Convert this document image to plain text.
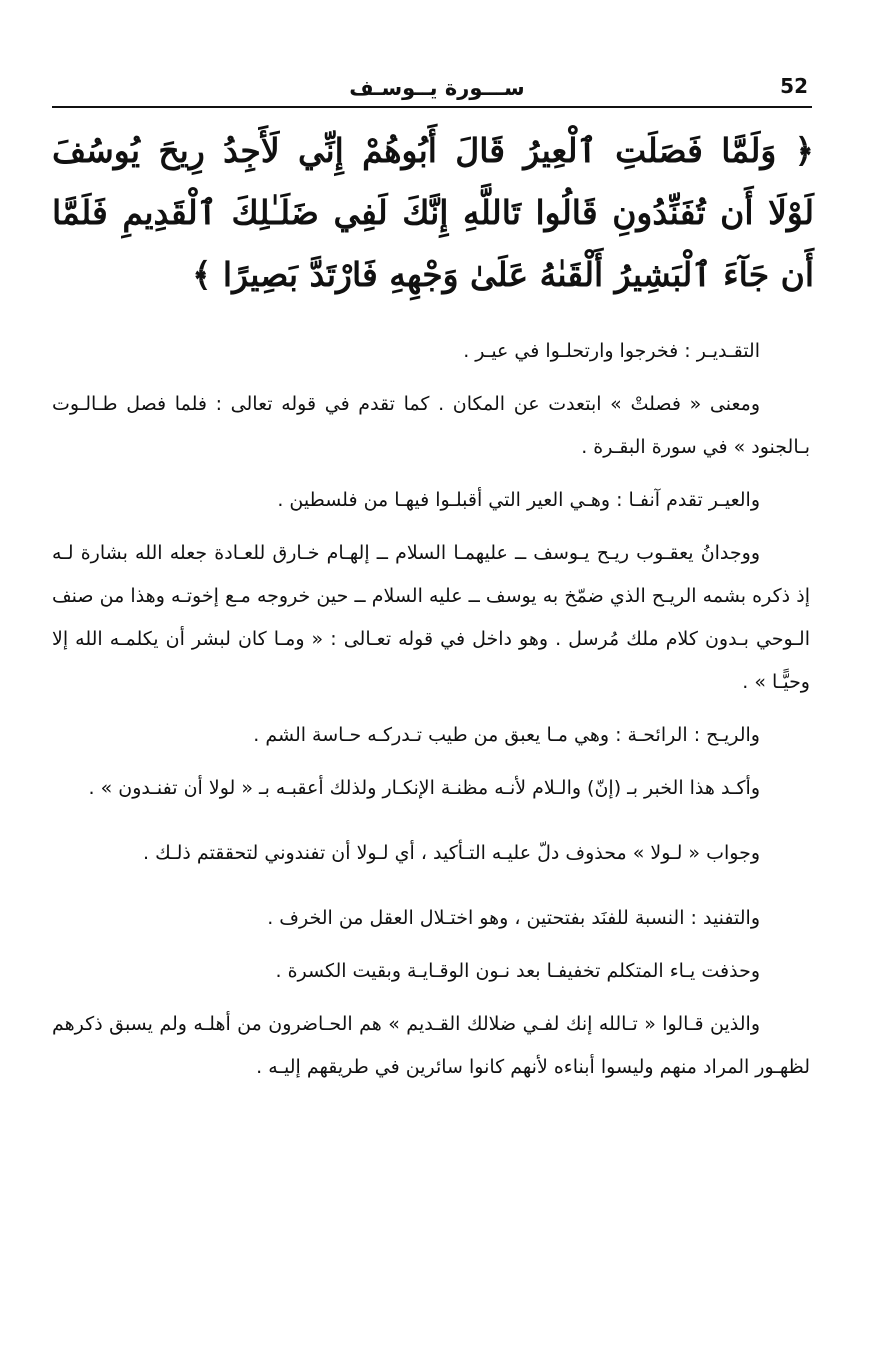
52
ســـورة يــوسـف
﴿ وَلَمَّا فَصَلَتِ ٱلْعِيرُ قَالَ أَبُوهُمْ إِنِّي لَأَجِدُ رِيحَ يُوسُفَ
لَوْلَا أَن تُفَنِّدُونِ قَالُوا تَاللَّهِ إِنَّكَ لَفِي ضَلَـٰلِكَ ٱلْقَدِيمِ فَلَمَّا
أَن جَآءَ ٱلْبَشِيرُ أَلْقَىٰهُ عَلَىٰ وَجْهِهِ فَارْتَدَّ بَصِيرًا ﴾

التقـديـر : فخرجوا وارتحلـوا في عيـر .

ومعنى « فصلتْ » ابتعدت عن المكان . كما تقدم في قوله تعالى : فلما فصل طـالـوت بـالجنود » في سورة البقـرة .

والعيـر تقدم آنفـا : وهـي العير التي أقبلـوا فيهـا من فلسطين .

ووجدانُ يعقـوب ريـح يـوسف ــ عليهمـا السلام ــ إلهـام خـارق للعـادة جعله الله بشارة لـه إذ ذكره بشمه الريـح الذي ضمّخ به يوسف ــ عليه السلام ــ حين خروجه مـع إخوتـه وهذا من صنف الـوحي بـدون كلام ملك مُرسل . وهو داخل في قوله تعـالى : « ومـا كان لبشر أن يكلمـه الله إلا وحيًّـا » .

والريـح : الرائحـة : وهي مـا يعبق من طيب تـدركـه حـاسة الشم .

وأكـد هذا الخبر بـ (إنّ) والـلام لأنـه مظنـة الإنكـار ولذلك أعقبـه بـ « لولا أن تفنـدون » .

وجواب « لـولا » محذوف دلّ عليـه التـأكيد ، أي لـولا أن تفندوني لتحققتم ذلـك .

والتفنيد : النسبة للفنَد بفتحتين ، وهو اختـلال العقل من الخرف .

وحذفت يـاء المتكلم تخفيفـا بعد نـون الوقـايـة وبقيت الكسرة .

والذين قـالوا « تـالله إنك لفـي ضلالك القـديم » هم الحـاضرون من أهلـه ولم يسبق ذكرهم لظهـور المراد منهم وليسوا أبناءه لأنهم كانوا سائرين في طريقهم إليـه .
